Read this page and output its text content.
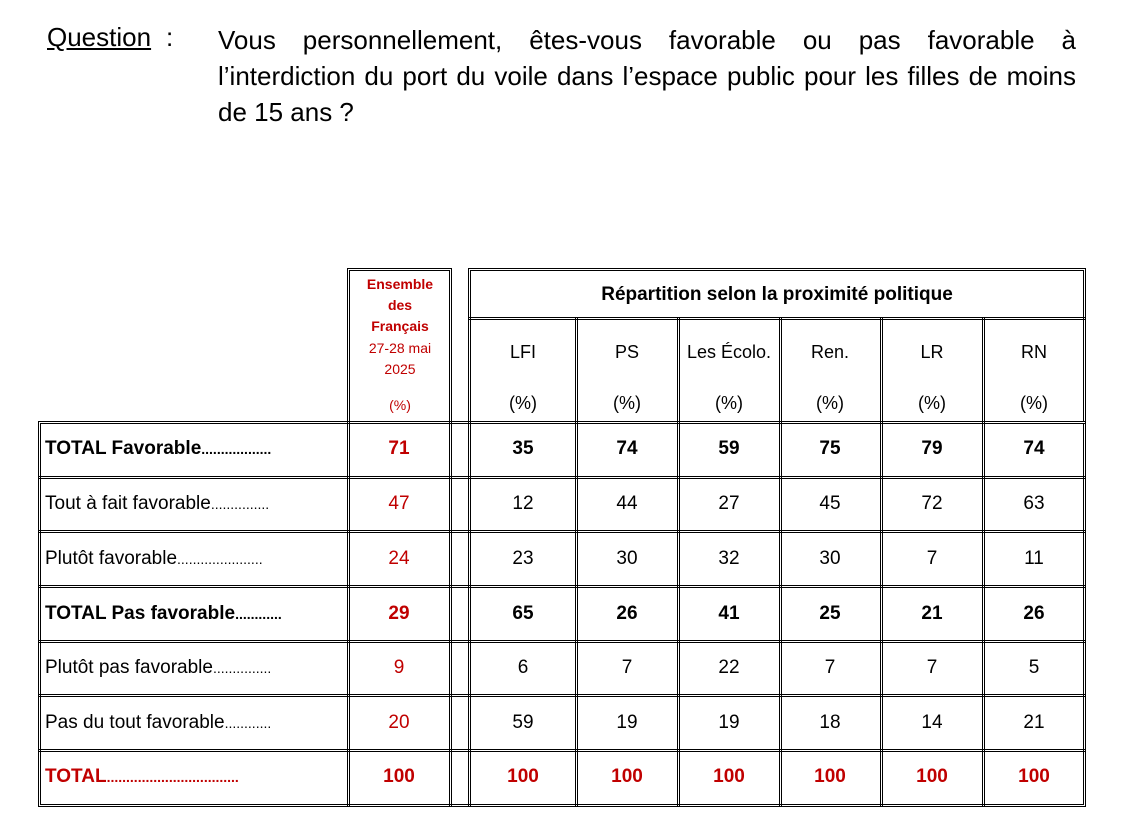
Question : Vous personnellement, êtes-vous favorable ou pas favorable à l’interdiction du port du voile dans l’espace public pour les filles de moins de 15 ans ?
Ensemble
des
Français
27-28 mai
2025
(%)
Répartition selon la proximité politique
LFI	PS	Les Écolo.	Ren.	LR	RN
(%)	(%)	(%)	(%)	(%)	(%)
TOTAL Favorable..................	71	35	74	59	75	79	74
Tout à fait favorable...............	47	12	44	27	45	72	63
Plutôt favorable......................	24	23	30	32	30	7	11
TOTAL Pas favorable............	29	65	26	41	25	21	26
Plutôt pas favorable...............	9	6	7	22	7	7	5
Pas du tout favorable............	20	59	19	19	18	14	21
TOTAL..................................	100	100	100	100	100	100	100
